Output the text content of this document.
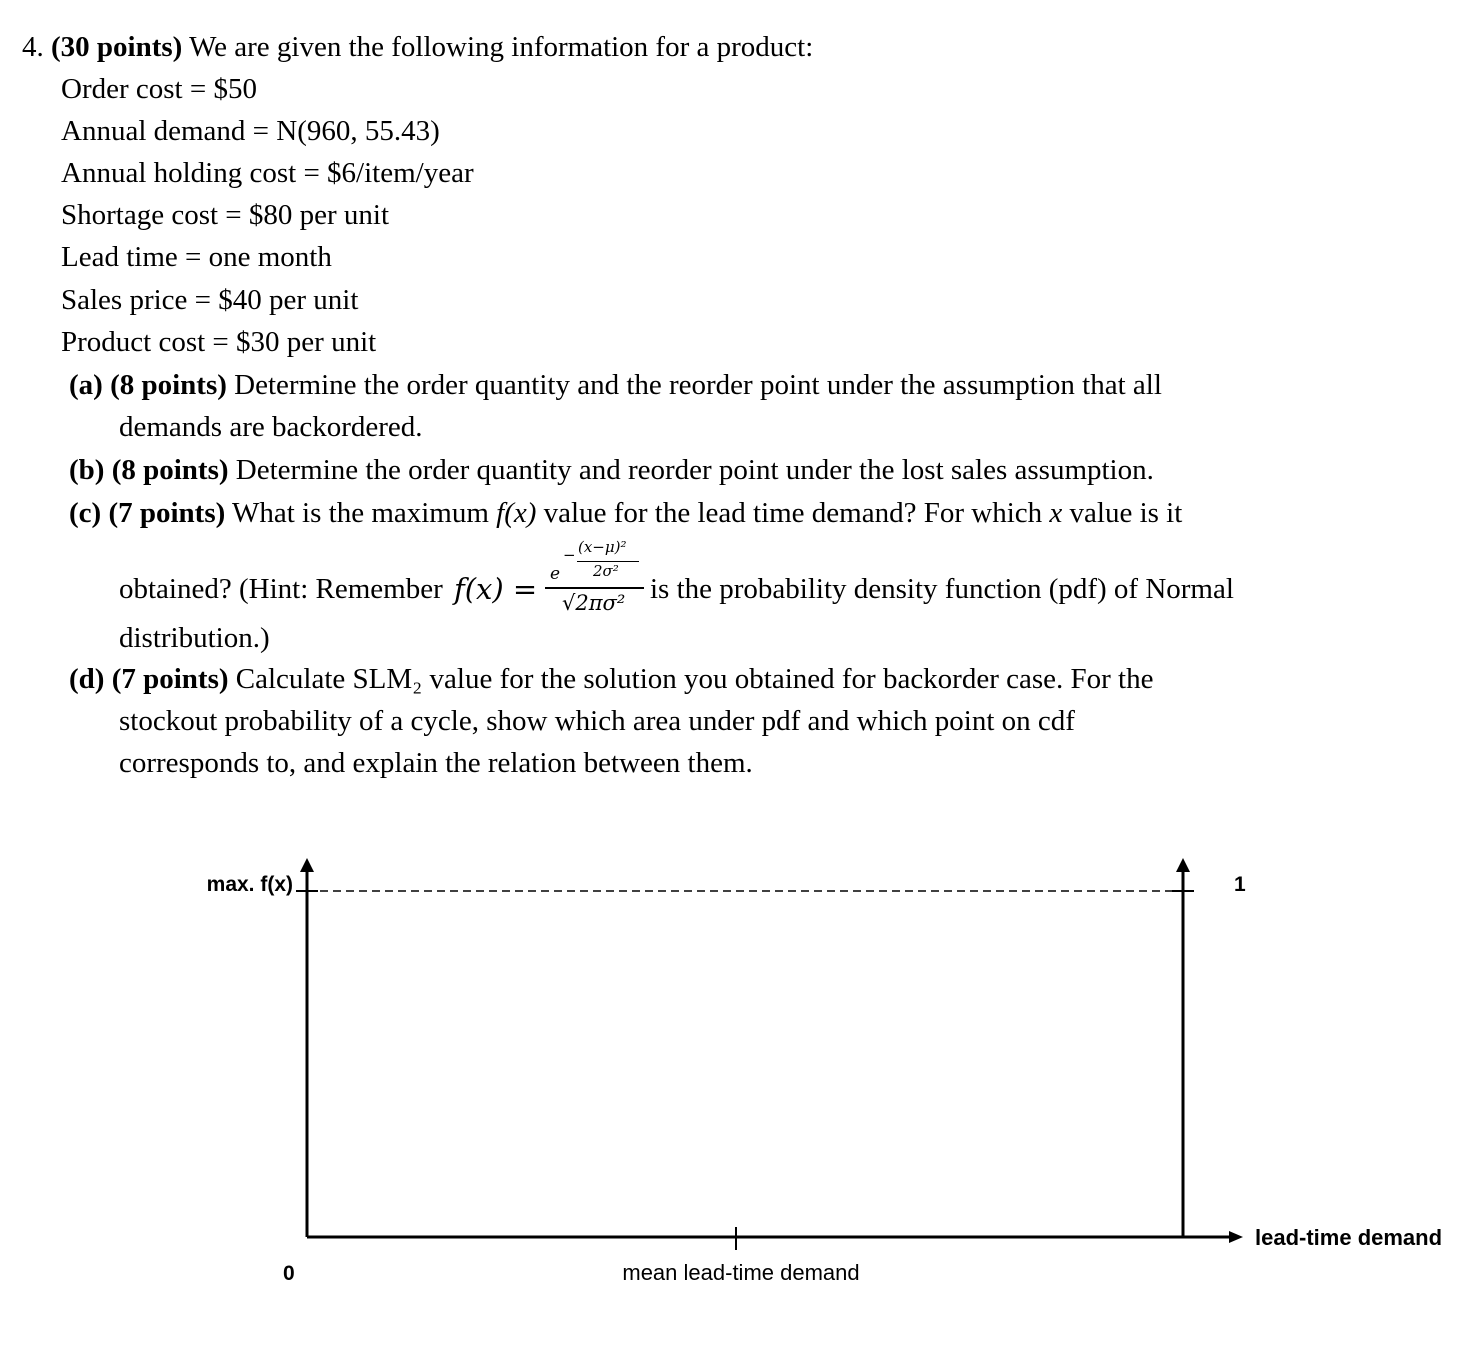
4. (30 points) We are given the following information for a product:
Order cost = $50
Annual demand = N(960, 55.43)
Annual holding cost = $6/item/year
Shortage cost = $80 per unit
Lead time = one month
Sales price = $40 per unit
Product cost = $30 per unit
(a) (8 points) Determine the order quantity and the reorder point under the assumption that all
demands are backordered.
(b) (8 points) Determine the order quantity and reorder point under the lost sales assumption.
(c) (7 points) What is the maximum f(x) value for the lead time demand? For which x value is it
obtained? (Hint: Remember f(x) = e
− (x−μ)²
2σ²
√2πσ² is the probability density function (pdf) of Normal
distribution.)
(d) (7 points) Calculate SLM₂ value for the solution you obtained for backorder case. For the
stockout probability of a cycle, show which area under pdf and which point on cdf
corresponds to, and explain the relation between them.
max. f(x)	1
0
lead-time demand
mean lead-time demand
